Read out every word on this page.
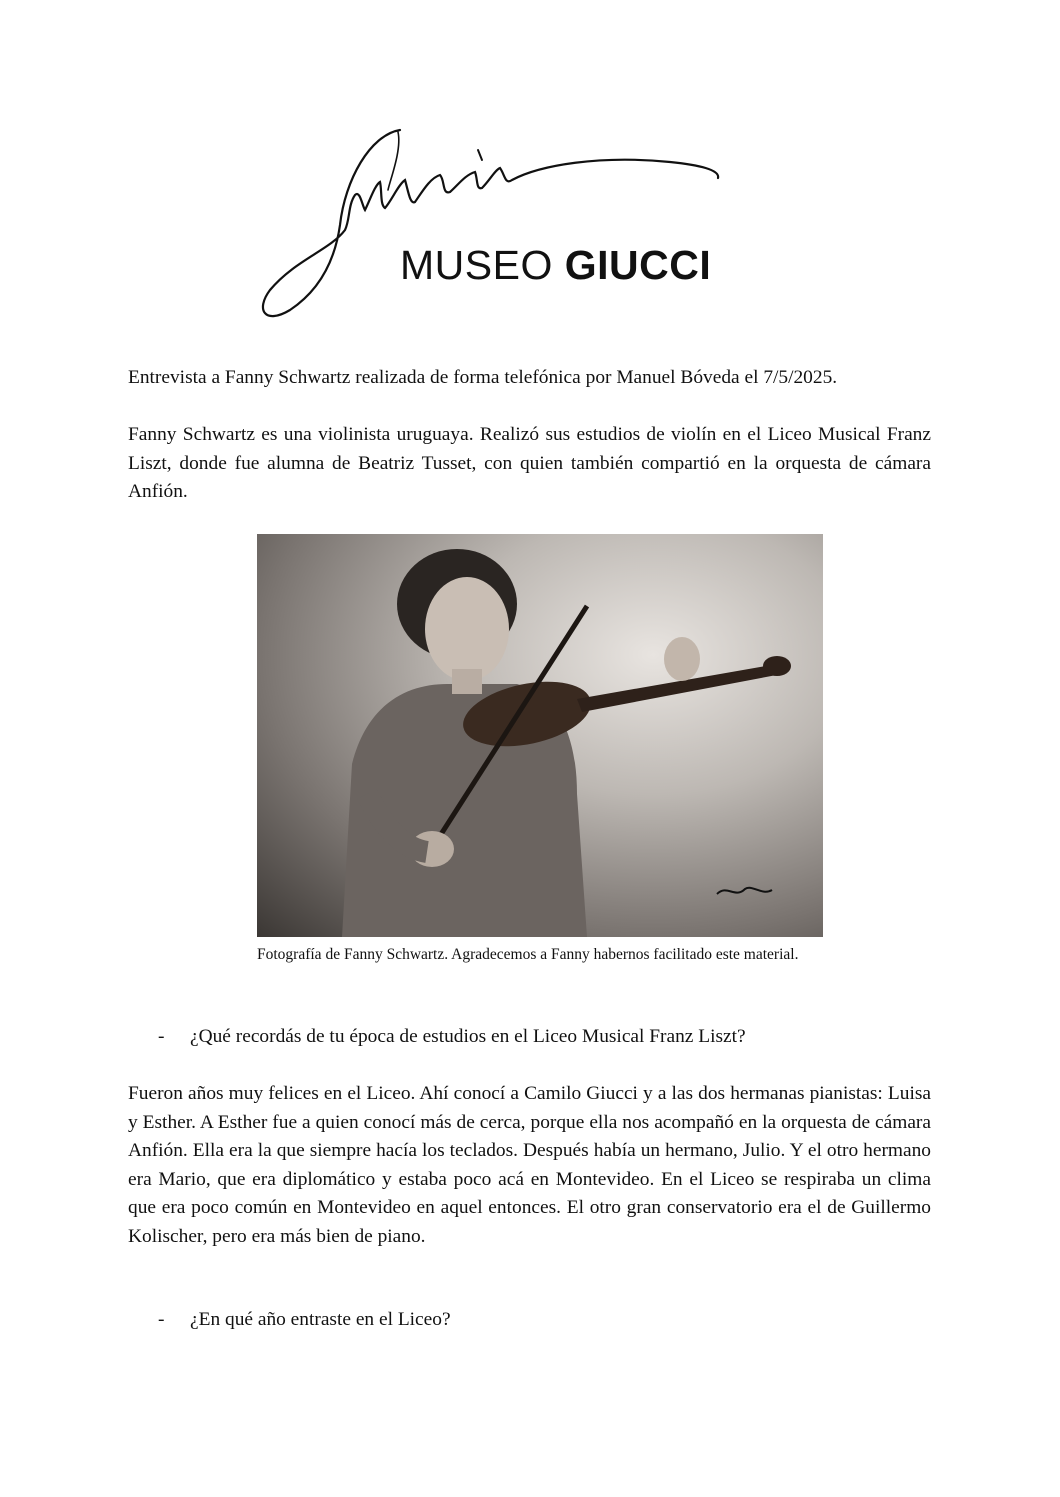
MUSEO GIUCCI
Entrevista a Fanny Schwartz realizada de forma telefónica por Manuel Bóveda el 7/5/2025.
Fanny Schwartz es una violinista uruguaya. Realizó sus estudios de violín en el Liceo Musical Franz Liszt, donde fue alumna de Beatriz Tusset, con quien también compartió en la orquesta de cámara Anfión.
Fotografía de Fanny Schwartz. Agradecemos a Fanny habernos facilitado este material.
- ¿Qué recordás de tu época de estudios en el Liceo Musical Franz Liszt?
Fueron años muy felices en el Liceo. Ahí conocí a Camilo Giucci y a las dos hermanas pianistas: Luisa y Esther. A Esther fue a quien conocí más de cerca, porque ella nos acompañó en la orquesta de cámara Anfión. Ella era la que siempre hacía los teclados. Después había un hermano, Julio. Y el otro hermano era Mario, que era diplomático y estaba poco acá en Montevideo. En el Liceo se respiraba un clima que era poco común en Montevideo en aquel entonces. El otro gran conservatorio era el de Guillermo Kolischer, pero era más bien de piano.
- ¿En qué año entraste en el Liceo?
